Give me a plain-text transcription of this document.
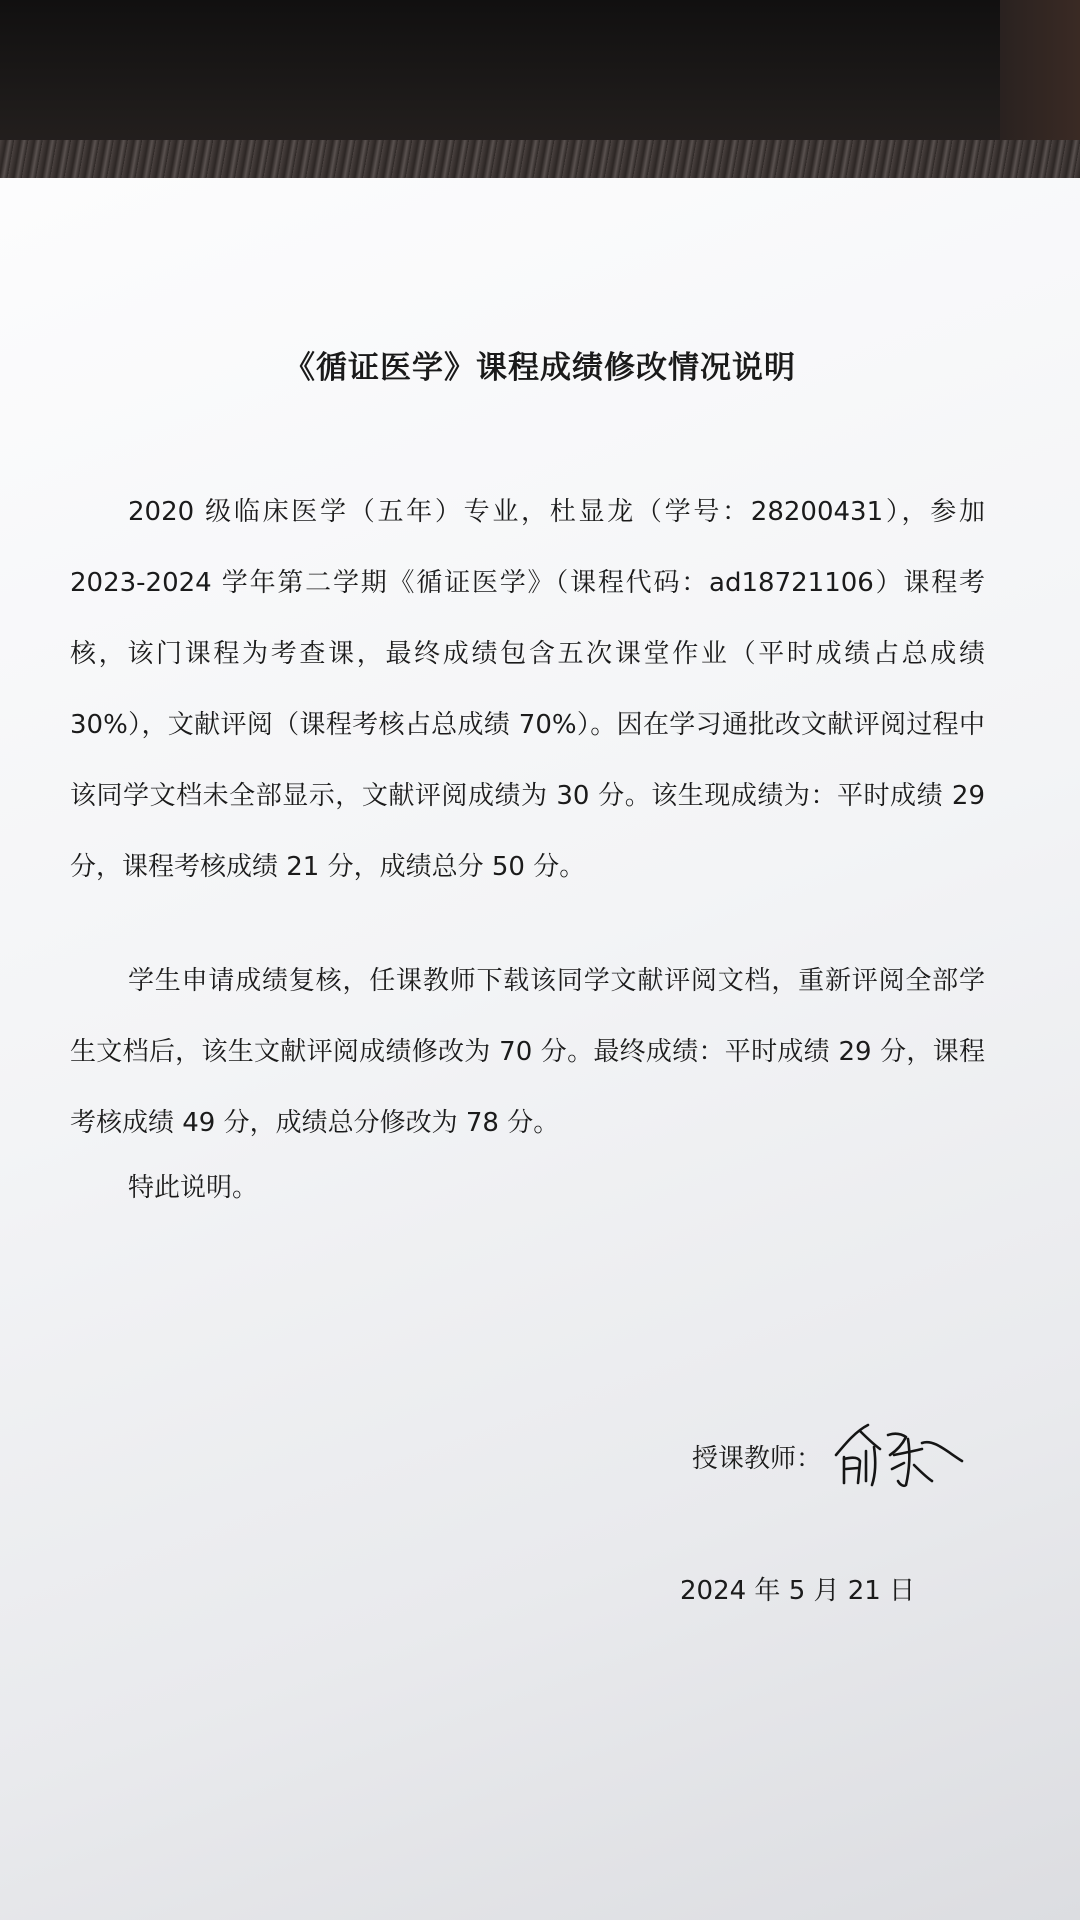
《循证医学》课程成绩修改情况说明

2020 级临床医学（五年）专业，杜显龙（学号：28200431），参加 2023-2024 学年第二学期《循证医学》（课程代码：ad18721106）课程考核，该门课程为考查课，最终成绩包含五次课堂作业（平时成绩占总成绩 30%），文献评阅（课程考核占总成绩 70%）。因在学习通批改文献评阅过程中该同学文档未全部显示，文献评阅成绩为 30 分。该生现成绩为：平时成绩 29 分，课程考核成绩 21 分，成绩总分 50 分。

学生申请成绩复核，任课教师下载该同学文献评阅文档，重新评阅全部学生文档后，该生文献评阅成绩修改为 70 分。最终成绩：平时成绩 29 分，课程考核成绩 49 分，成绩总分修改为 78 分。

特此说明。

授课教师：
2024 年 5 月 21 日
